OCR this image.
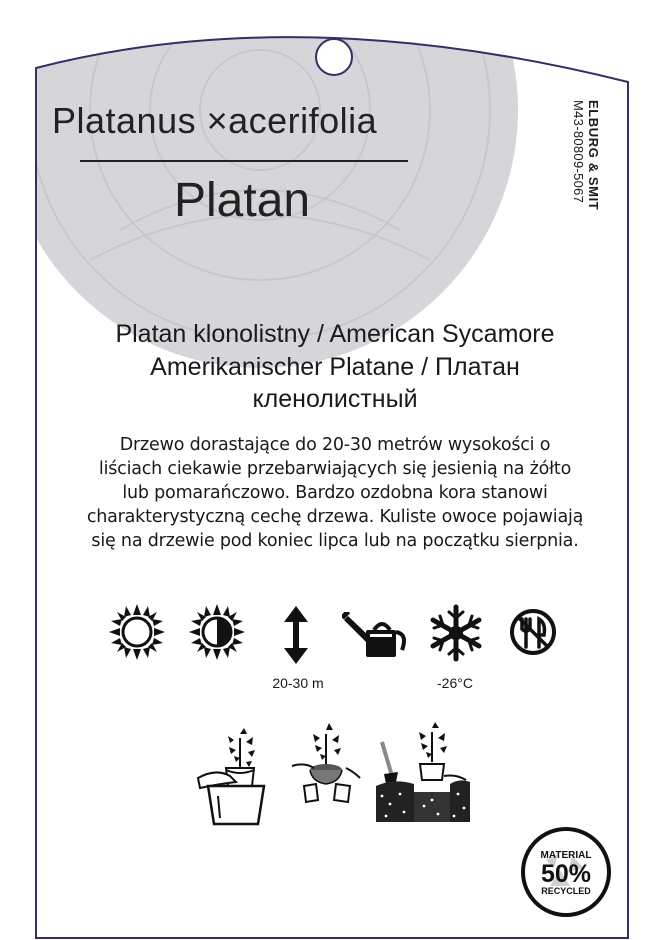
Platanus ×acerifolia
Platan	ELBURG & SMIT
M43-80809-5067
Platan klonolistny / American Sycamore
Amerikanischer Platane / Платан
кленолистный
Drzewo dorastające do 20-30 metrów wysokości o
liściach ciekawie przebarwiających się jesienią na żółto
lub pomarańczowo. Bardzo ozdobna kora stanowi
charakterystyczną cechę drzewa. Kuliste owoce pojawiają
się na drzewie pod koniec lipca lub na początku sierpnia.
20-30 m	-26°C
MATERIAL
50%
RECYCLED
